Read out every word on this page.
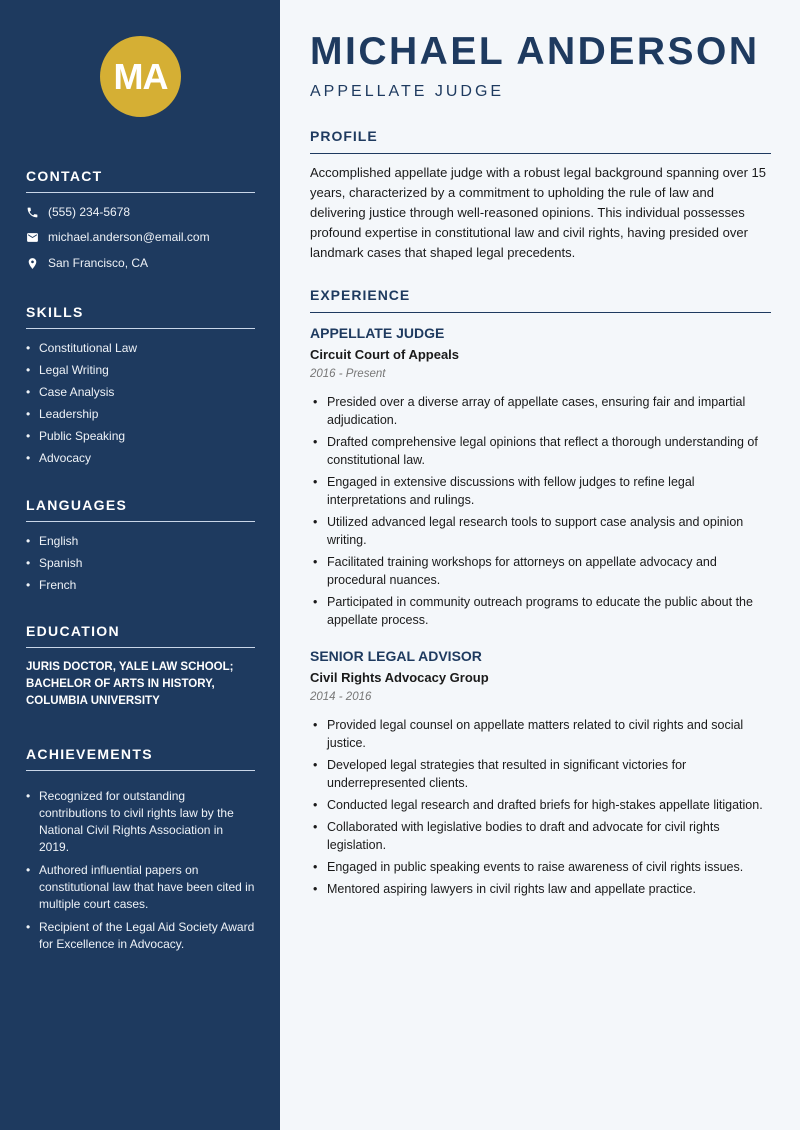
MA
CONTACT
(555) 234-5678
michael.anderson@email.com
San Francisco, CA
SKILLS
• Constitutional Law
• Legal Writing
• Case Analysis
• Leadership
• Public Speaking
• Advocacy
LANGUAGES
• English
• Spanish
• French
EDUCATION
JURIS DOCTOR, YALE LAW SCHOOL; BACHELOR OF ARTS IN HISTORY, COLUMBIA UNIVERSITY
ACHIEVEMENTS
• Recognized for outstanding contributions to civil rights law by the National Civil Rights Association in 2019.
• Authored influential papers on constitutional law that have been cited in multiple court cases.
• Recipient of the Legal Aid Society Award for Excellence in Advocacy.
MICHAEL ANDERSON
APPELLATE JUDGE
PROFILE
Accomplished appellate judge with a robust legal background spanning over 15 years, characterized by a commitment to upholding the rule of law and delivering justice through well-reasoned opinions. This individual possesses profound expertise in constitutional law and civil rights, having presided over landmark cases that shaped legal precedents.
EXPERIENCE
APPELLATE JUDGE
Circuit Court of Appeals
2016 - Present
• Presided over a diverse array of appellate cases, ensuring fair and impartial adjudication.
• Drafted comprehensive legal opinions that reflect a thorough understanding of constitutional law.
• Engaged in extensive discussions with fellow judges to refine legal interpretations and rulings.
• Utilized advanced legal research tools to support case analysis and opinion writing.
• Facilitated training workshops for attorneys on appellate advocacy and procedural nuances.
• Participated in community outreach programs to educate the public about the appellate process.
SENIOR LEGAL ADVISOR
Civil Rights Advocacy Group
2014 - 2016
• Provided legal counsel on appellate matters related to civil rights and social justice.
• Developed legal strategies that resulted in significant victories for underrepresented clients.
• Conducted legal research and drafted briefs for high-stakes appellate litigation.
• Collaborated with legislative bodies to draft and advocate for civil rights legislation.
• Engaged in public speaking events to raise awareness of civil rights issues.
• Mentored aspiring lawyers in civil rights law and appellate practice.
